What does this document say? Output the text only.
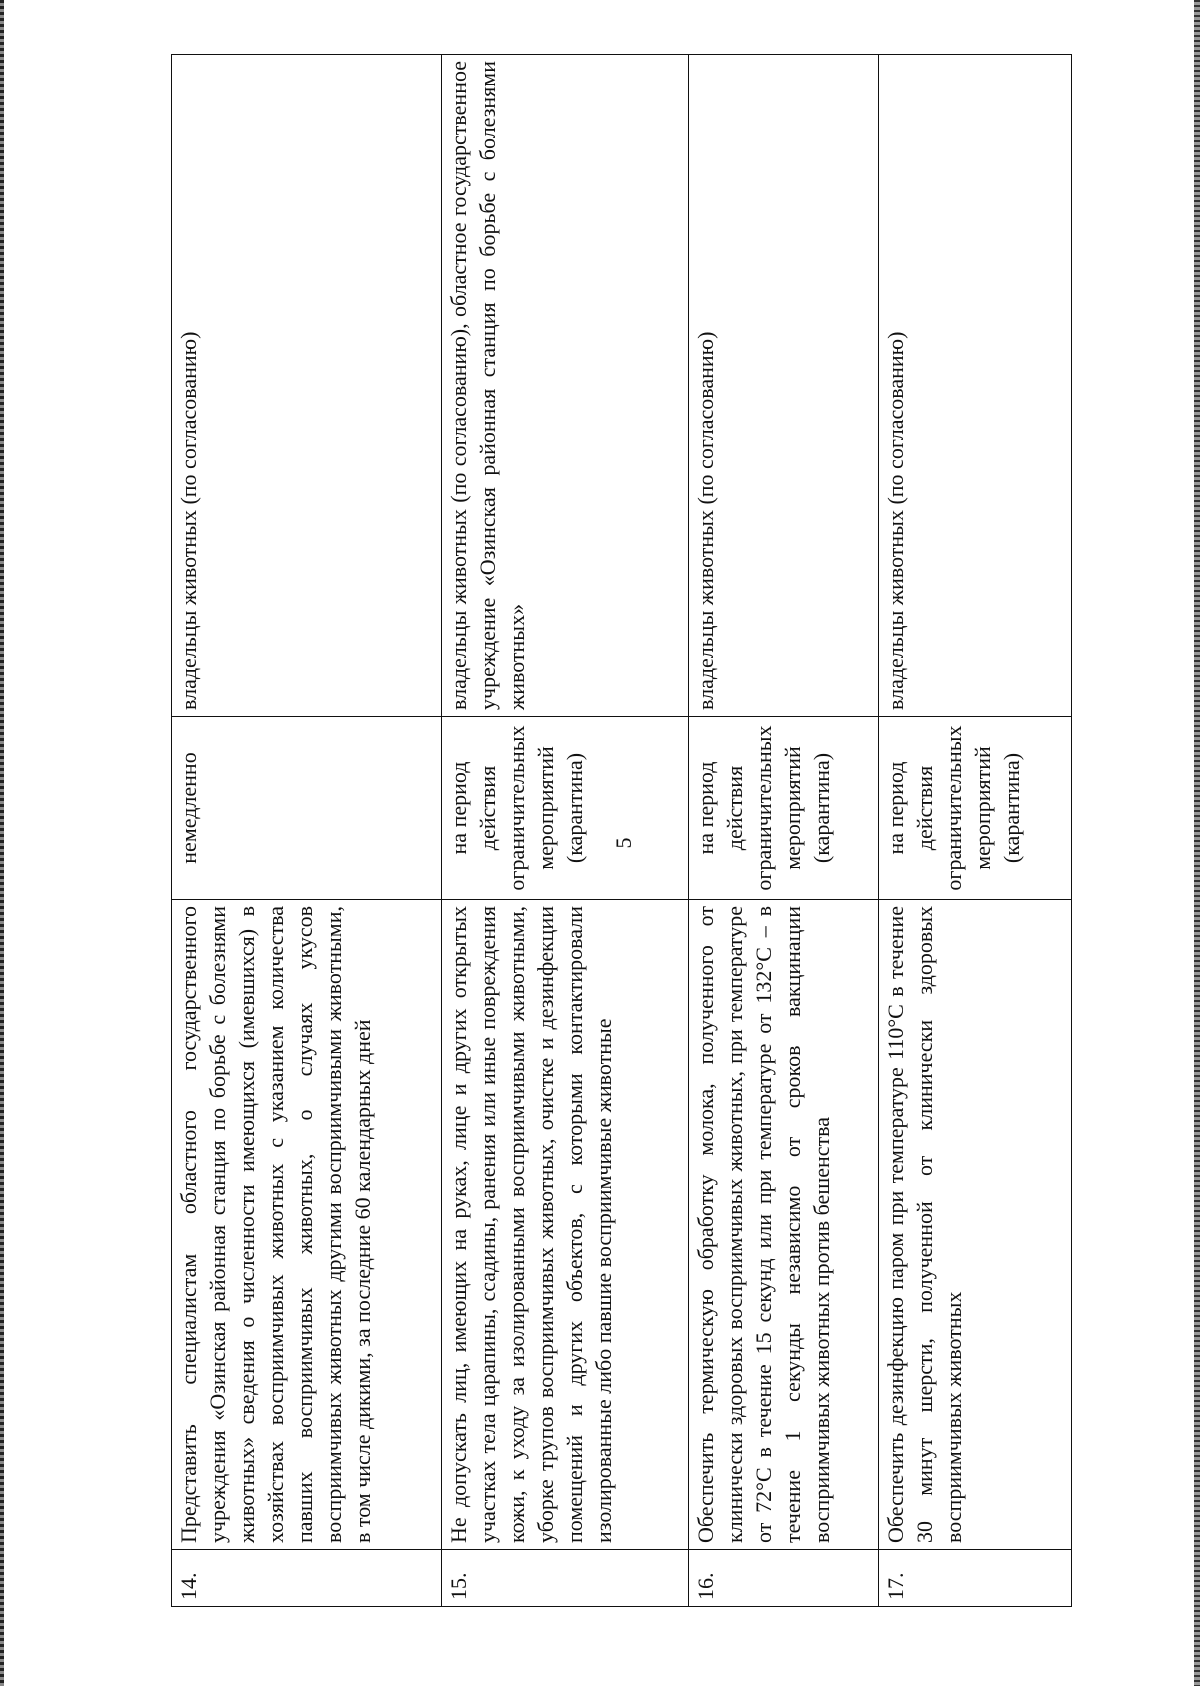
5
14.	Представить специалистам областного государственного учреждения «Озинская районная станция по борьбе с болезнями животных» сведения о численности имеющихся (имевшихся) в хозяйствах восприимчивых животных с указанием количества павших восприимчивых животных, о случаях укусов восприимчивых животных другими восприимчивыми животными, в том числе дикими, за последние 60 календарных дней	немедленно	владельцы животных (по согласованию)
15.	Не допускать лиц, имеющих на руках, лице и других открытых участках тела царапины, ссадины, ранения или иные повреждения кожи, к уходу за изолированными восприимчивыми животными, уборке трупов восприимчивых животных, очистке и дезинфекции помещений и других объектов, с которыми контактировали изолированные либо павшие восприимчивые животные	на период действия ограничительных мероприятий (карантина)	владельцы животных (по согласованию), областное государственное учреждение «Озинская районная станция по борьбе с болезнями животных»
16.	Обеспечить термическую обработку молока, полученного от клинически здоровых восприимчивых животных, при температуре от 72°С в течение 15 секунд или при температуре от 132°С – в течение 1 секунды независимо от сроков вакцинации восприимчивых животных против бешенства	на период действия ограничительных мероприятий (карантина)	владельцы животных (по согласованию)
17.	Обеспечить дезинфекцию паром при температуре 110°С в течение 30 минут шерсти, полученной от клинически здоровых восприимчивых животных	на период действия ограничительных мероприятий (карантина)	владельцы животных (по согласованию)
